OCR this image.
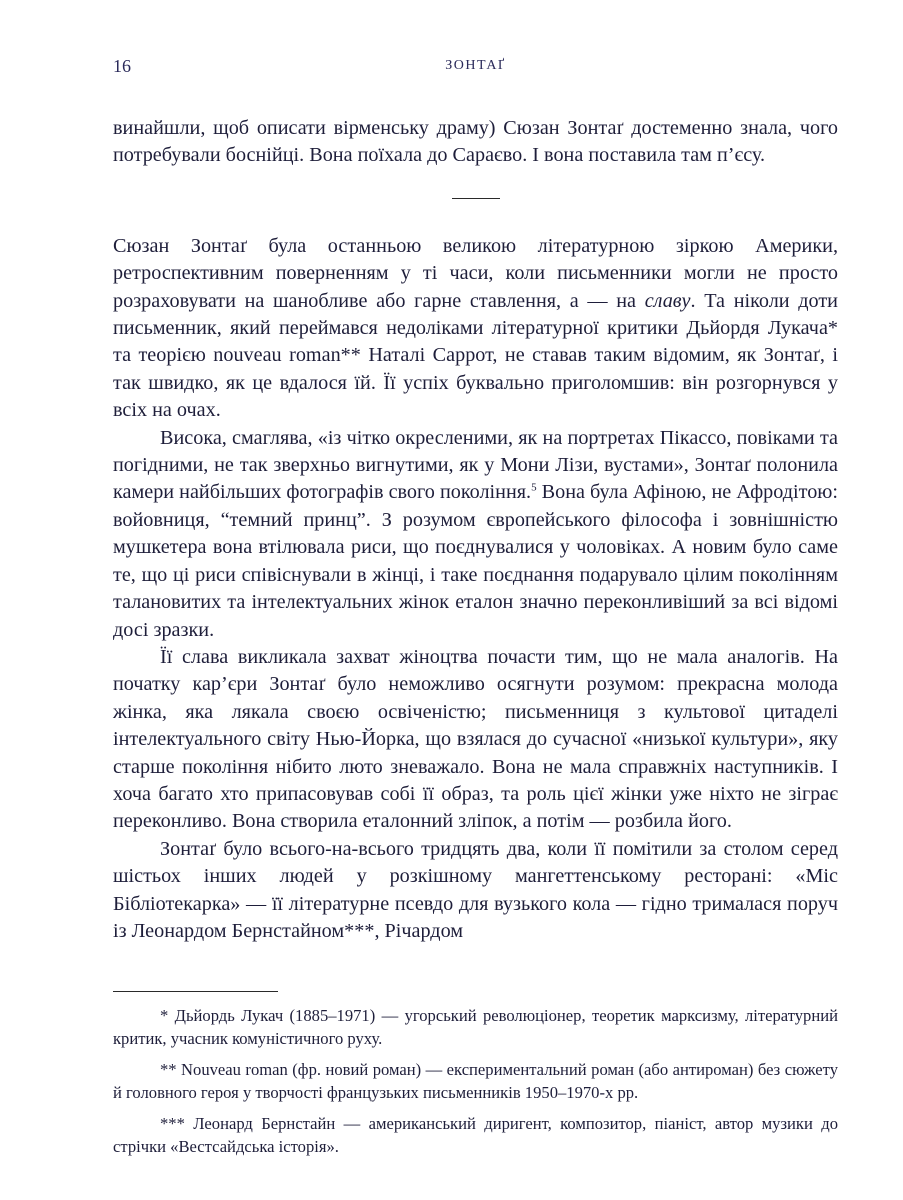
16	ЗОНТАҐ

винайшли, щоб описати вірменську драму) Сюзан Зонтаґ достеменно знала, чого потребували боснійці. Вона поїхала до Сараєво. І вона поставила там п’єсу.

Сюзан Зонтаґ була останньою великою літературною зіркою Америки, ретроспективним поверненням у ті часи, коли письменники могли не просто розраховувати на шанобливе або гарне ставлення, а — на славу. Та ніколи доти письменник, який переймався недоліками літературної критики Дьйордя Лукача* та теорією nouveau roman** Наталі Саррот, не ставав таким відомим, як Зонтаґ, і так швидко, як це вдалося їй. Її успіх буквально приголомшив: він розгорнувся у всіх на очах.

Висока, смаглява, «із чітко окресленими, як на портретах Пікассо, повіками та погідними, не так зверхньо вигнутими, як у Мони Лізи, вустами», Зонтаґ полонила камери найбільших фотографів свого покоління.$^5$ Вона була Афіною, не Афродітою: войовниця, “темний принц”. З розумом європейського філософа і зовнішністю мушкетера вона втілювала риси, що поєднувалися у чоловіках. А новим було саме те, що ці риси співіснували в жінці, і таке поєднання подарувало цілим поколінням талановитих та інтелектуальних жінок еталон значно переконливіший за всі відомі досі зразки.

Її слава викликала захват жіноцтва почасти тим, що не мала аналогів. На початку кар’єри Зонтаґ було неможливо осягнути розумом: прекрасна молода жінка, яка лякала своєю освіченістю; письменниця з культової цитаделі інтелектуального світу Нью-Йорка, що взялася до сучасної «низької культури», яку старше покоління нібито люто зневажало. Вона не мала справжніх наступників. І хоча багато хто припасовував собі її образ, та роль цієї жінки уже ніхто не зіграє переконливо. Вона створила еталонний зліпок, а потім — розбила його.

Зонтаґ було всього-на-всього тридцять два, коли її помітили за столом серед шістьох інших людей у розкішному мангеттенському ресторані: «Міс Бібліотекарка» — її літературне псевдо для вузького кола — гідно трималася поруч із Леонардом Бернстайном***, Річардом

* Дьйордь Лукач (1885–1971) — угорський революціонер, теоретик марксизму, літературний критик, учасник комуністичного руху.

** Nouveau roman (фр. новий роман) — експериментальний роман (або антироман) без сюжету й головного героя у творчості французьких письменників 1950–1970-х рр.

*** Леонард Бернстайн — американський диригент, композитор, піаніст, автор музики до стрічки «Вестсайдська історія».
